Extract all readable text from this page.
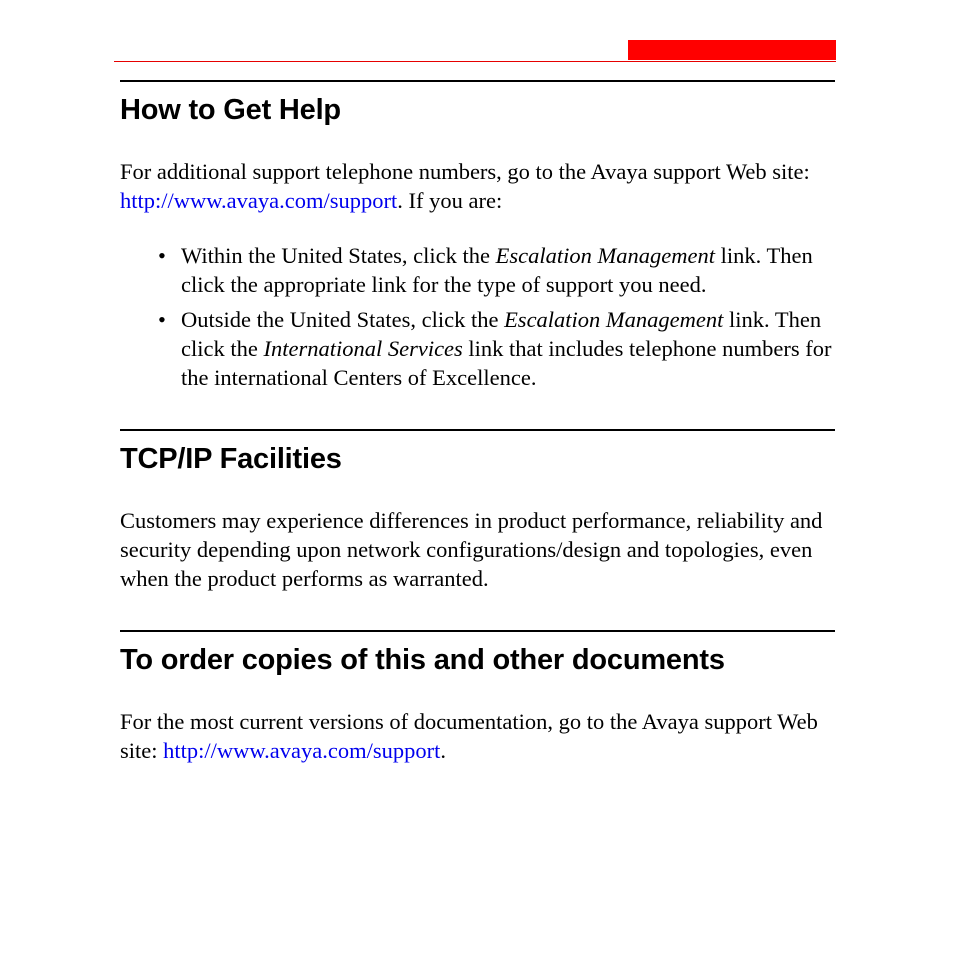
How to Get Help

For additional support telephone numbers, go to the Avaya support Web site: http://www.avaya.com/support. If you are:

• Within the United States, click the Escalation Management link. Then click the appropriate link for the type of support you need.
• Outside the United States, click the Escalation Management link. Then click the International Services link that includes telephone numbers for the international Centers of Excellence.
TCP/IP Facilities

Customers may experience differences in product performance, reliability and security depending upon network configurations/design and topologies, even when the product performs as warranted.

To order copies of this and other documents

For the most current versions of documentation, go to the Avaya support Web site: http://www.avaya.com/support.
